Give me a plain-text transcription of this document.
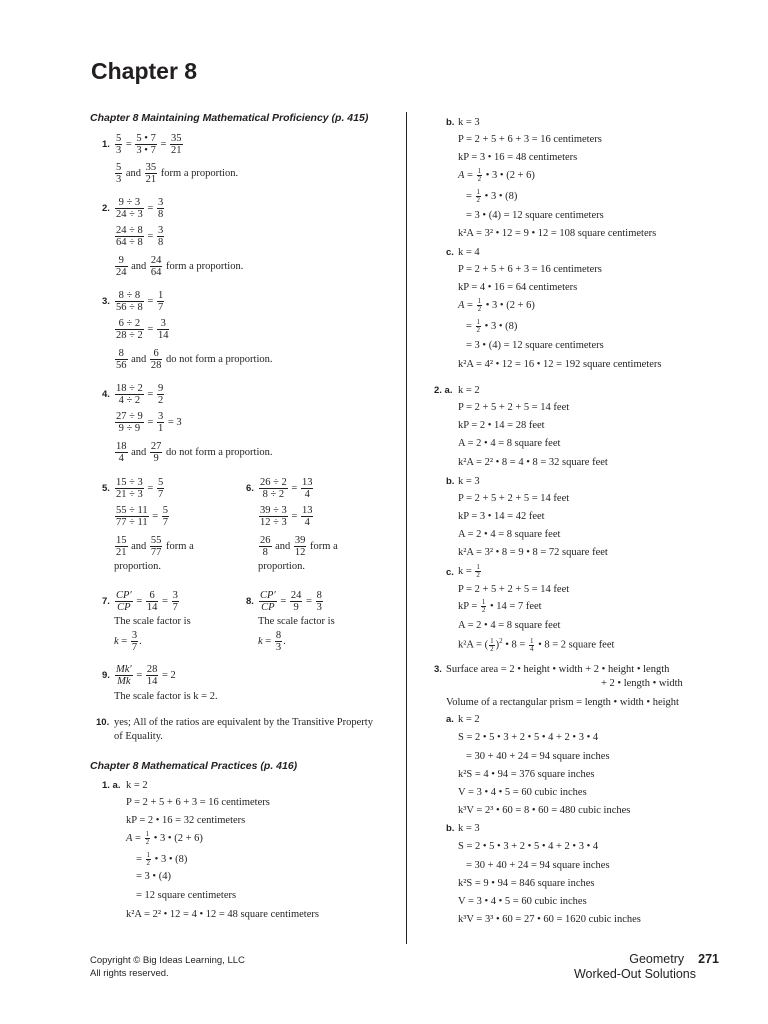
Chapter 8
Chapter 8 Maintaining Mathematical Proficiency (p. 415)
1. $\frac{5}{3} = \frac{5 • 7}{3 • 7} = \frac{35}{21}$
$\frac{5}{3}$ and $\frac{35}{21}$ form a proportion.
2. $\frac{9 \div 3}{24 \div 3} = \frac{3}{8}$
$\frac{24 \div 8}{64 \div 8} = \frac{3}{8}$
$\frac{9}{24}$ and $\frac{24}{64}$ form a proportion.
3. $\frac{8 \div 8}{56 \div 8} = \frac{1}{7}$
$\frac{6 \div 2}{28 \div 2} = \frac{3}{14}$
$\frac{8}{56}$ and $\frac{6}{28}$ do not form a proportion.
4. $\frac{18 \div 2}{4 \div 2} = \frac{9}{2}$
$\frac{27 \div 9}{9 \div 9} = \frac{3}{1} = 3$
$\frac{18}{4}$ and $\frac{27}{9}$ do not form a proportion.
5. $\frac{15 \div 3}{21 \div 3} = \frac{5}{7}$
$\frac{55 \div 11}{77 \div 11} = \frac{5}{7}$
$\frac{15}{21}$ and $\frac{55}{77}$ form a
proportion.
6. $\frac{26 \div 2}{8 \div 2} = \frac{13}{4}$
$\frac{39 \div 3}{12 \div 3} = \frac{13}{4}$
$\frac{26}{8}$ and $\frac{39}{12}$ form a
proportion.
7. $\frac{CP'}{CP} = \frac{6}{14} = \frac{3}{7}$
The scale factor is
$k = \frac{3}{7}$ .
8. $\frac{CP'}{CP} = \frac{24}{9} = \frac{8}{3}$
The scale factor is
$k = \frac{8}{3}$ .
9. $\frac{Mk'}{Mk} = \frac{28}{14} = 2$
The scale factor is k = 2.
10. yes; All of the ratios are equivalent by the Transitive Property
of Equality.
Chapter 8 Mathematical Practices (p. 416)
1. a. k = 2
P = 2 + 5 + 6 + 3 = 16 centimeters
kP = 2 • 16 = 32 centimeters
$A = \frac{1}{2}$ • 3 • (2 + 6)
= $\frac{1}{2}$ • 3 • (8)
= 3 • (4)
= 12 square centimeters
k²A = 2² • 12 = 4 • 12 = 48 square centimeters
b. k = 3
P = 2 + 5 + 6 + 3 = 16 centimeters
kP = 3 • 16 = 48 centimeters
$A = \frac{1}{2}$ • 3 • (2 + 6)
= $\frac{1}{2}$ • 3 • (8)
= 3 • (4) = 12 square centimeters
k²A = 3² • 12 = 9 • 12 = 108 square centimeters
c. k = 4
P = 2 + 5 + 6 + 3 = 16 centimeters
kP = 4 • 16 = 64 centimeters
$A = \frac{1}{2}$ • 3 • (2 + 6)
= $\frac{1}{2}$ • 3 • (8)
= 3 • (4) = 12 square centimeters
k²A = 4² • 12 = 16 • 12 = 192 square centimeters
2. a. k = 2
P = 2 + 5 + 2 + 5 = 14 feet
kP = 2 • 14 = 28 feet
A = 2 • 4 = 8 square feet
k²A = 2² • 8 = 4 • 8 = 32 square feet
b. k = 3
P = 2 + 5 + 2 + 5 = 14 feet
kP = 3 • 14 = 42 feet
A = 2 • 4 = 8 square feet
k²A = 3² • 8 = 9 • 8 = 72 square feet
c. $k = \frac{1}{2}$
P = 2 + 5 + 2 + 5 = 14 feet
kP = $\frac{1}{2}$ • 14 = 7 feet
A = 2 • 4 = 8 square feet
k²A = ( $\frac{1}{2} )^2$ • $8 = \frac{1}{4}$ • 8 = 2 square feet
3. Surface area = 2 • height • width + 2 • height • length
+ 2 • length • width
Volume of a rectangular prism = length • width • height
a. k = 2
S = 2 • 5 • 3 + 2 • 5 • 4 + 2 • 3 • 4
= 30 + 40 + 24 = 94 square inches
k²S = 4 • 94 = 376 square inches
V = 3 • 4 • 5 = 60 cubic inches
k³V = 2³ • 60 = 8 • 60 = 480 cubic inches
b. k = 3
S = 2 • 5 • 3 + 2 • 5 • 4 + 2 • 3 • 4
= 30 + 40 + 24 = 94 square inches
k²S = 9 • 94 = 846 square inches
V = 3 • 4 • 5 = 60 cubic inches
k³V = 3³ • 60 = 27 • 60 = 1620 cubic inches
Copyright © Big Ideas Learning, LLC
All rights reserved.
Geometry 271
Worked-Out Solutions
